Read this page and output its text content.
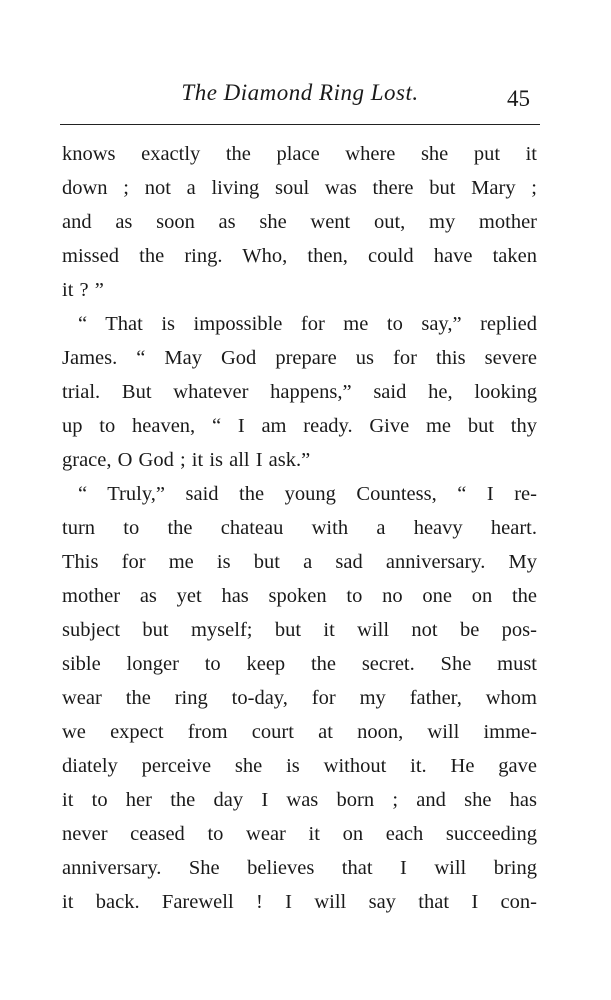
The Diamond Ring Lost.	45
knows exactly the place where she put it
down ; not a living soul was there but Mary ;
and as soon as she went out, my mother
missed the ring. Who, then, could have taken
it ? ”
“ That is impossible for me to say,” replied
James. “ May God prepare us for this severe
trial. But whatever happens,” said he, looking
up to heaven, “ I am ready. Give me but thy
grace, O God ; it is all I ask.”
“ Truly,” said the young Countess, “ I re-
turn to the chateau with a heavy heart.
This for me is but a sad anniversary. My
mother as yet has spoken to no one on the
subject but myself; but it will not be pos-
sible longer to keep the secret. She must
wear the ring to-day, for my father, whom
we expect from court at noon, will imme-
diately perceive she is without it. He gave
it to her the day I was born ; and she has
never ceased to wear it on each succeeding
anniversary. She believes that I will bring
it back. Farewell ! I will say that I con-
